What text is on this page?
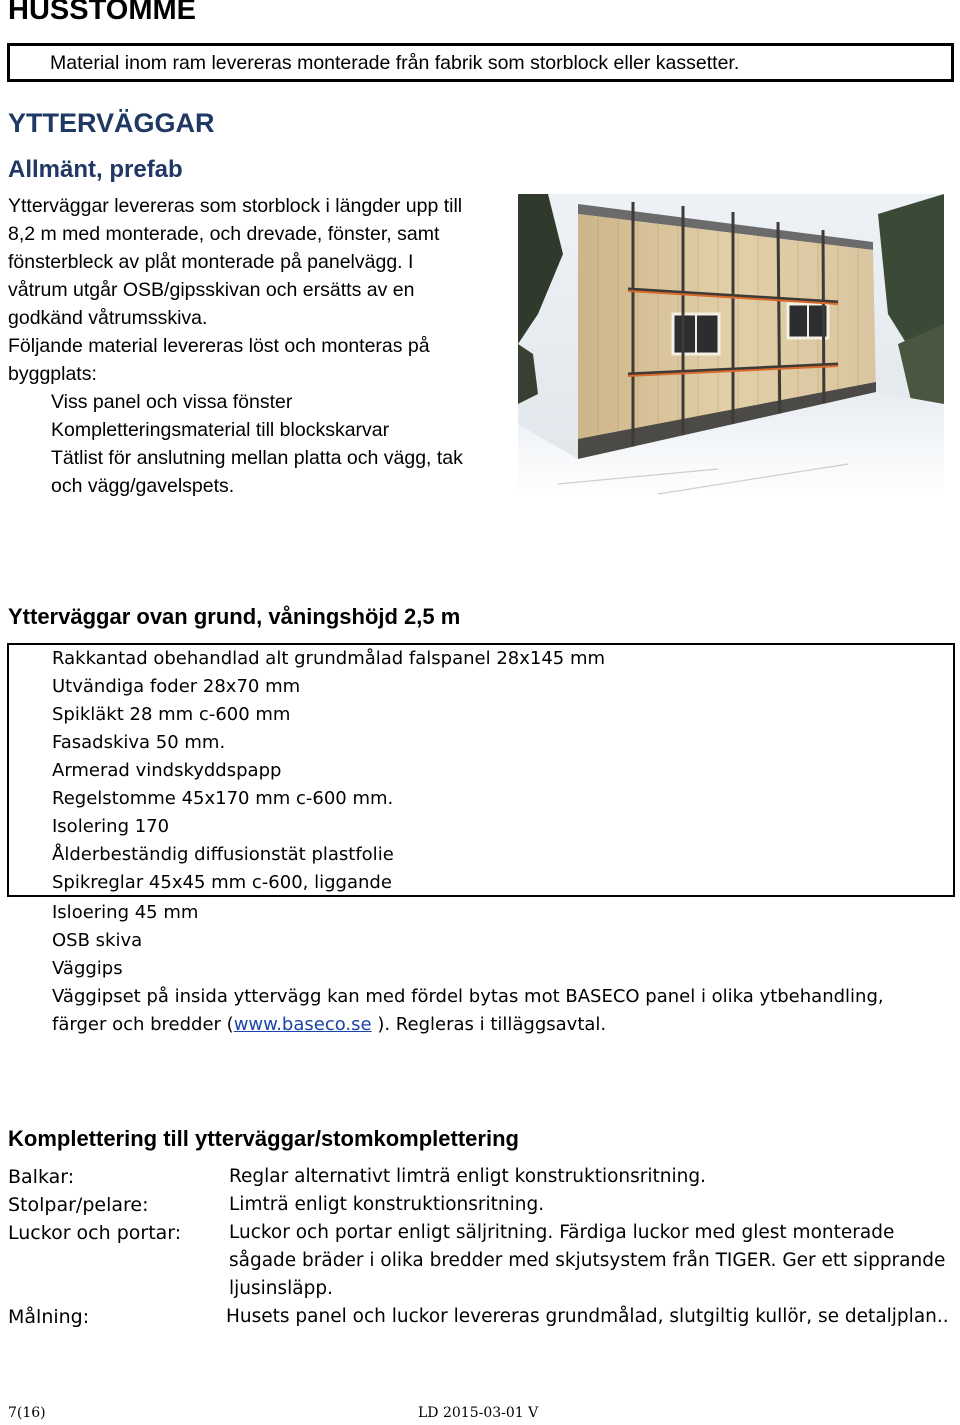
HUSSTOMME
Material inom ram levereras monterade från fabrik som storblock eller kassetter.
YTTERVÄGGAR
Allmänt, prefab
Ytterväggar levereras som storblock i längder upp till
8,2 m med monterade, och drevade, fönster, samt
fönsterbleck av plåt monterade på panelvägg. I
våtrum utgår OSB/gipsskivan och ersätts av en
godkänd våtrumsskiva.
Följande material levereras löst och monteras på
byggplats:
Viss panel och vissa fönster
Kompletteringsmaterial till blockskarvar
Tätlist för anslutning mellan platta och vägg, tak
och vägg/gavelspets.
Ytterväggar ovan grund, våningshöjd 2,5 m
Rakkantad obehandlad alt grundmålad falspanel 28x145 mm
Utvändiga foder 28x70 mm
Spikläkt 28 mm c-600 mm
Fasadskiva 50 mm.
Armerad vindskyddspapp
Regelstomme 45x170 mm c-600 mm.
Isolering 170
Ålderbeständig diffusionstät plastfolie
Spikreglar 45x45 mm c-600, liggande
Isloering 45 mm
OSB skiva
Väggips
Väggipset på insida yttervägg kan med fördel bytas mot BASECO panel i olika ytbehandling,
färger och bredder (www.baseco.se ). Regleras i tilläggsavtal.
Komplettering till ytterväggar/stomkomplettering
Balkar:	Reglar alternativt limträ enligt konstruktionsritning.
Stolpar/pelare:	Limträ enligt konstruktionsritning.
Luckor och portar:	Luckor och portar enligt säljritning. Färdiga luckor med glest monterade
sågade bräder i olika bredder med skjutsystem från TIGER. Ger ett sipprande
ljusinsläpp.
Målning:	Husets panel och luckor levereras grundmålad, slutgiltig kullör, se detaljplan..
7(16)	LD 2015-03-01 V
